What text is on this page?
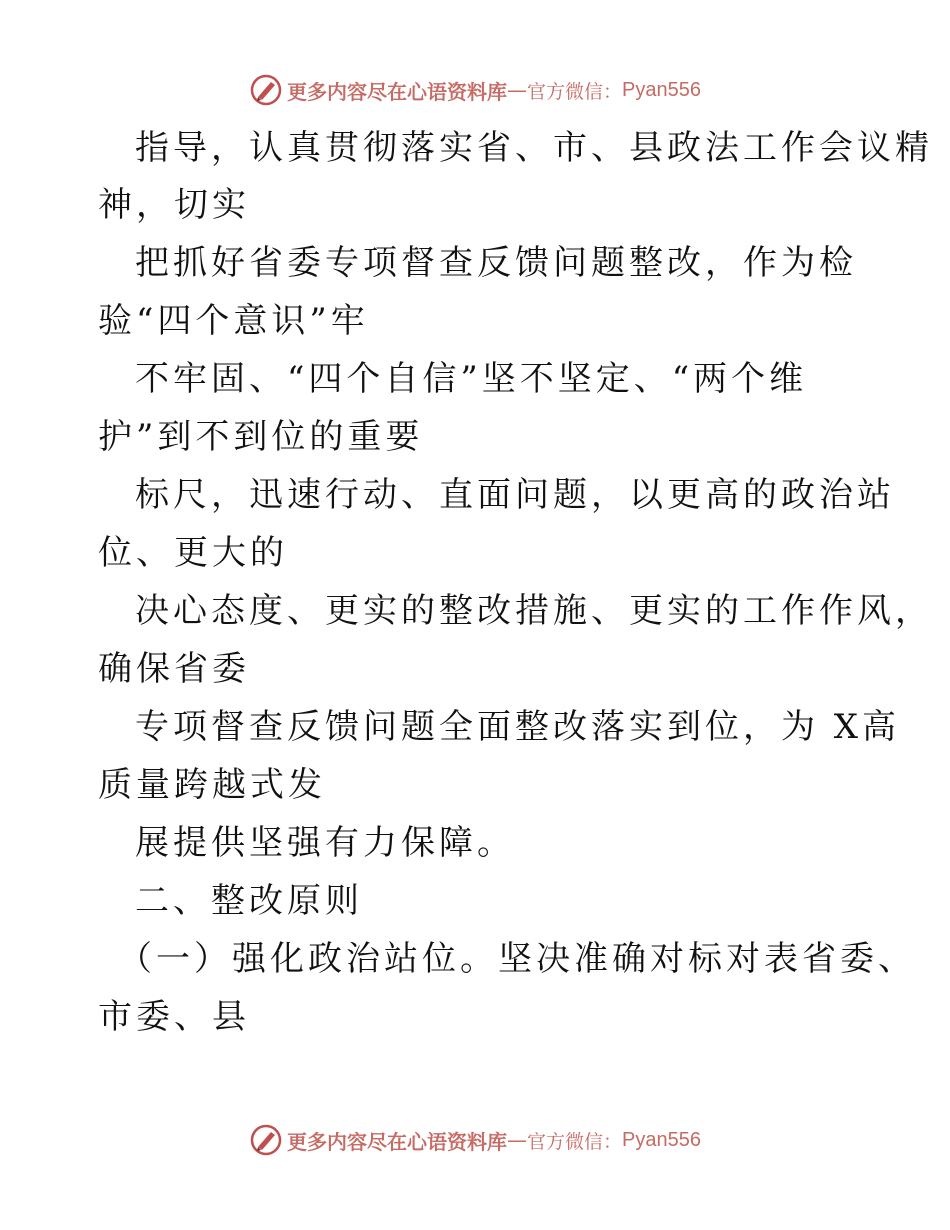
更多内容尽在心语资料库 — 官方微信： Pyan556
指导，认真贯彻落实省、市、县政法工作会议精
神，切实
把抓好省委专项督查反馈问题整改，作为检
验“四个意识”牢
不牢固、“四个自信”坚不坚定、“两个维
护”到不到位的重要
标尺，迅速行动、直面问题，以更高的政治站
位、更大的
决心态度、更实的整改措施、更实的工作作风，
确保省委
专项督查反馈问题全面整改落实到位，为 X高
质量跨越式发
展提供坚强有力保障。
二、整改原则
（一）强化政治站位。坚决准确对标对表省委、
市委、县
更多内容尽在心语资料库 — 官方微信： Pyan556
